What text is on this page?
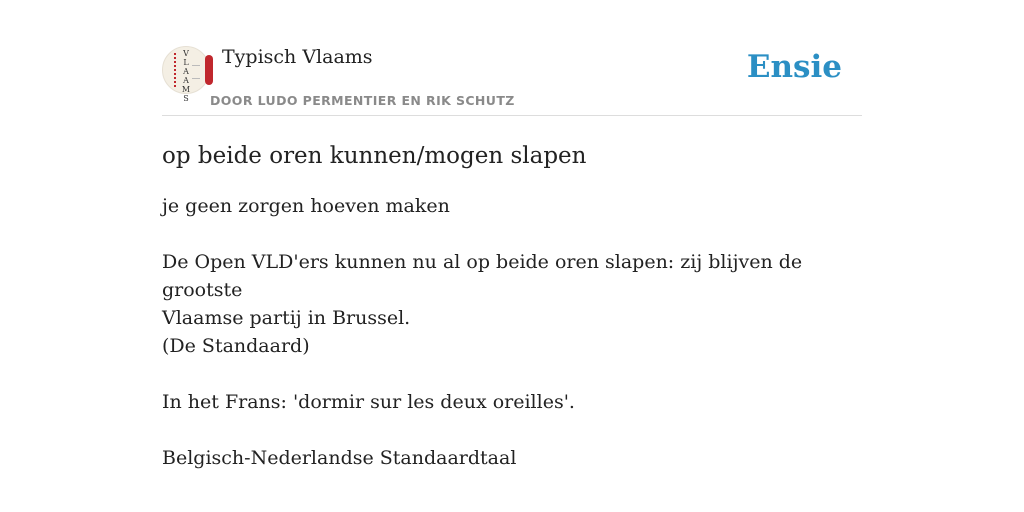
V
L
A
A
M
S
Typisch Vlaams
DOOR LUDO PERMENTIER EN RIK SCHUTZ
Ensie
op beide oren kunnen/mogen slapen

je geen zorgen hoeven maken

De Open VLD'ers kunnen nu al op beide oren slapen: zij blijven de grootste

Vlaamse partij in Brussel.

(De Standaard)

In het Frans: 'dormir sur les deux oreilles'.

Belgisch-Nederlandse Standaardtaal
